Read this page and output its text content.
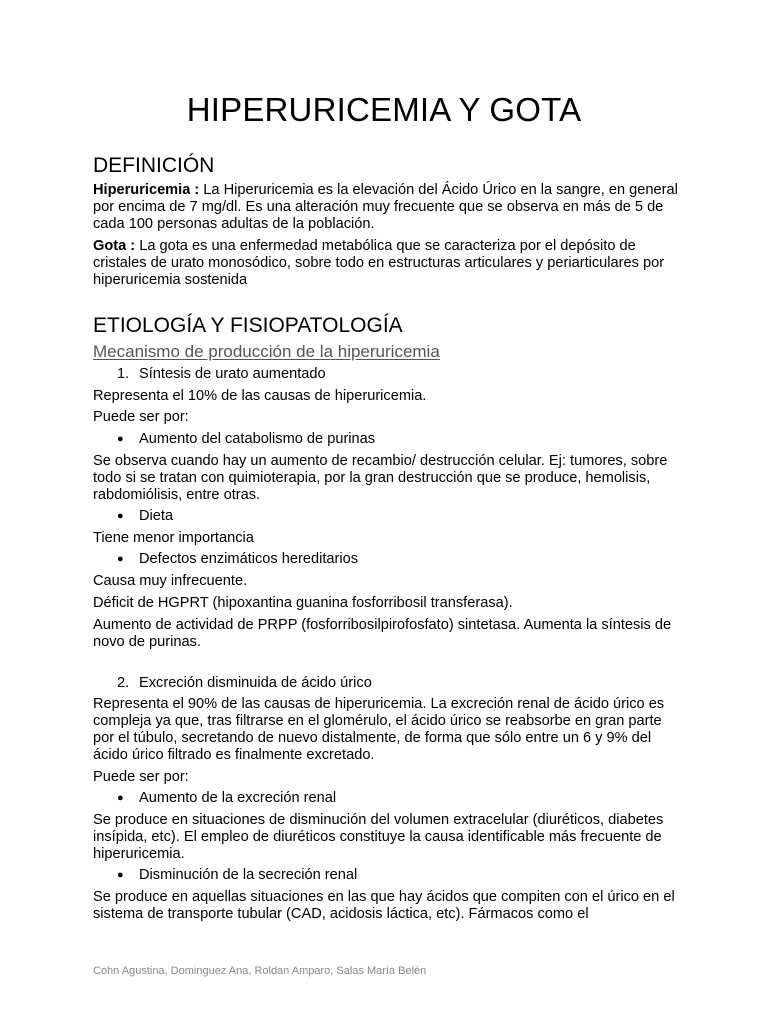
HIPERURICEMIA Y GOTA
DEFINICIÓN
Hiperuricemia : La Hiperuricemia es la elevación del Ácido Úrico en la sangre, en general por encima de 7 mg/dl. Es una alteración muy frecuente que se observa en más de 5 de cada 100 personas adultas de la población.
Gota : La gota es una enfermedad metabólica que se caracteriza por el depósito de cristales de urato monosódico, sobre todo en estructuras articulares y periarticulares por hiperuricemia sostenida
ETIOLOGÍA Y FISIOPATOLOGÍA
Mecanismo de producción de la hiperuricemia
1. Síntesis de urato aumentado
Representa el 10% de las causas de hiperuricemia.
Puede ser por:
● Aumento del catabolismo de purinas
Se observa cuando hay un aumento de recambio/ destrucción celular. Ej: tumores, sobre todo si se tratan con quimioterapia, por la gran destrucción que se produce, hemolisis, rabdomiólisis, entre otras.
● Dieta
Tiene menor importancia
● Defectos enzimáticos hereditarios
Causa muy infrecuente.
Déficit de HGPRT (hipoxantina guanina fosforribosil transferasa).
Aumento de actividad de PRPP (fosforribosilpirofosfato) sintetasa. Aumenta la síntesis de novo de purinas.
2. Excreción disminuida de ácido úrico
Representa el 90% de las causas de hiperuricemia. La excreción renal de ácido úrico es compleja ya que, tras filtrarse en el glomérulo, el ácido úrico se reabsorbe en gran parte por el túbulo, secretando de nuevo distalmente, de forma que sólo entre un 6 y 9% del ácido úrico filtrado es finalmente excretado.
Puede ser por:
● Aumento de la excreción renal
Se produce en situaciones de disminución del volumen extracelular (diuréticos, diabetes insípida, etc). El empleo de diuréticos constituye la causa identificable más frecuente de hiperuricemia.
● Disminución de la secreción renal
Se produce en aquellas situaciones en las que hay ácidos que compiten con el úrico en el sistema de transporte tubular (CAD, acidosis láctica, etc). Fármacos como el
Cohn Agustina, Dominguez Ana, Roldan Amparo, Salas María Belén
